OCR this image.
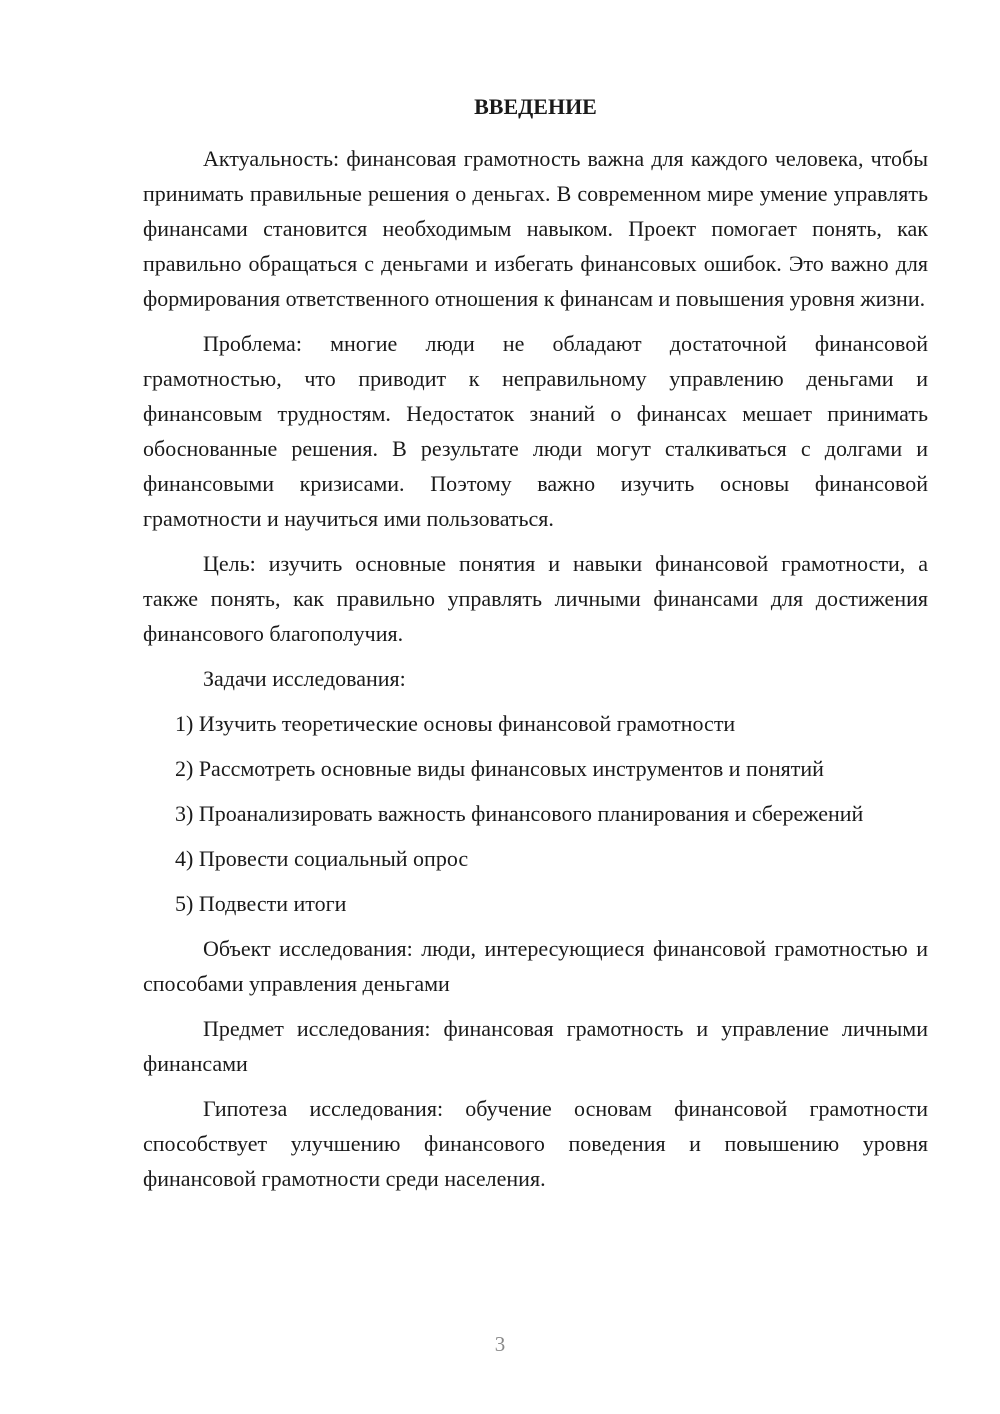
ВВЕДЕНИЕ

Актуальность: финансовая грамотность важна для каждого человека, чтобы принимать правильные решения о деньгах. В современном мире умение управлять финансами становится необходимым навыком. Проект помогает понять, как правильно обращаться с деньгами и избегать финансовых ошибок. Это важно для формирования ответственного отношения к финансам и повышения уровня жизни.

Проблема: многие люди не обладают достаточной финансовой грамотностью, что приводит к неправильному управлению деньгами и финансовым трудностям. Недостаток знаний о финансах мешает принимать обоснованные решения. В результате люди могут сталкиваться с долгами и финансовыми кризисами. Поэтому важно изучить основы финансовой грамотности и научиться ими пользоваться.

Цель: изучить основные понятия и навыки финансовой грамотности, а также понять, как правильно управлять личными финансами для достижения финансового благополучия.

Задачи исследования:

1) Изучить теоретические основы финансовой грамотности

2) Рассмотреть основные виды финансовых инструментов и понятий

3) Проанализировать важность финансового планирования и сбережений

4) Провести социальный опрос

5) Подвести итоги

Объект исследования: люди, интересующиеся финансовой грамотностью и способами управления деньгами

Предмет исследования: финансовая грамотность и управление личными финансами

Гипотеза исследования: обучение основам финансовой грамотности способствует улучшению финансового поведения и повышению уровня финансовой грамотности среди населения.

3
